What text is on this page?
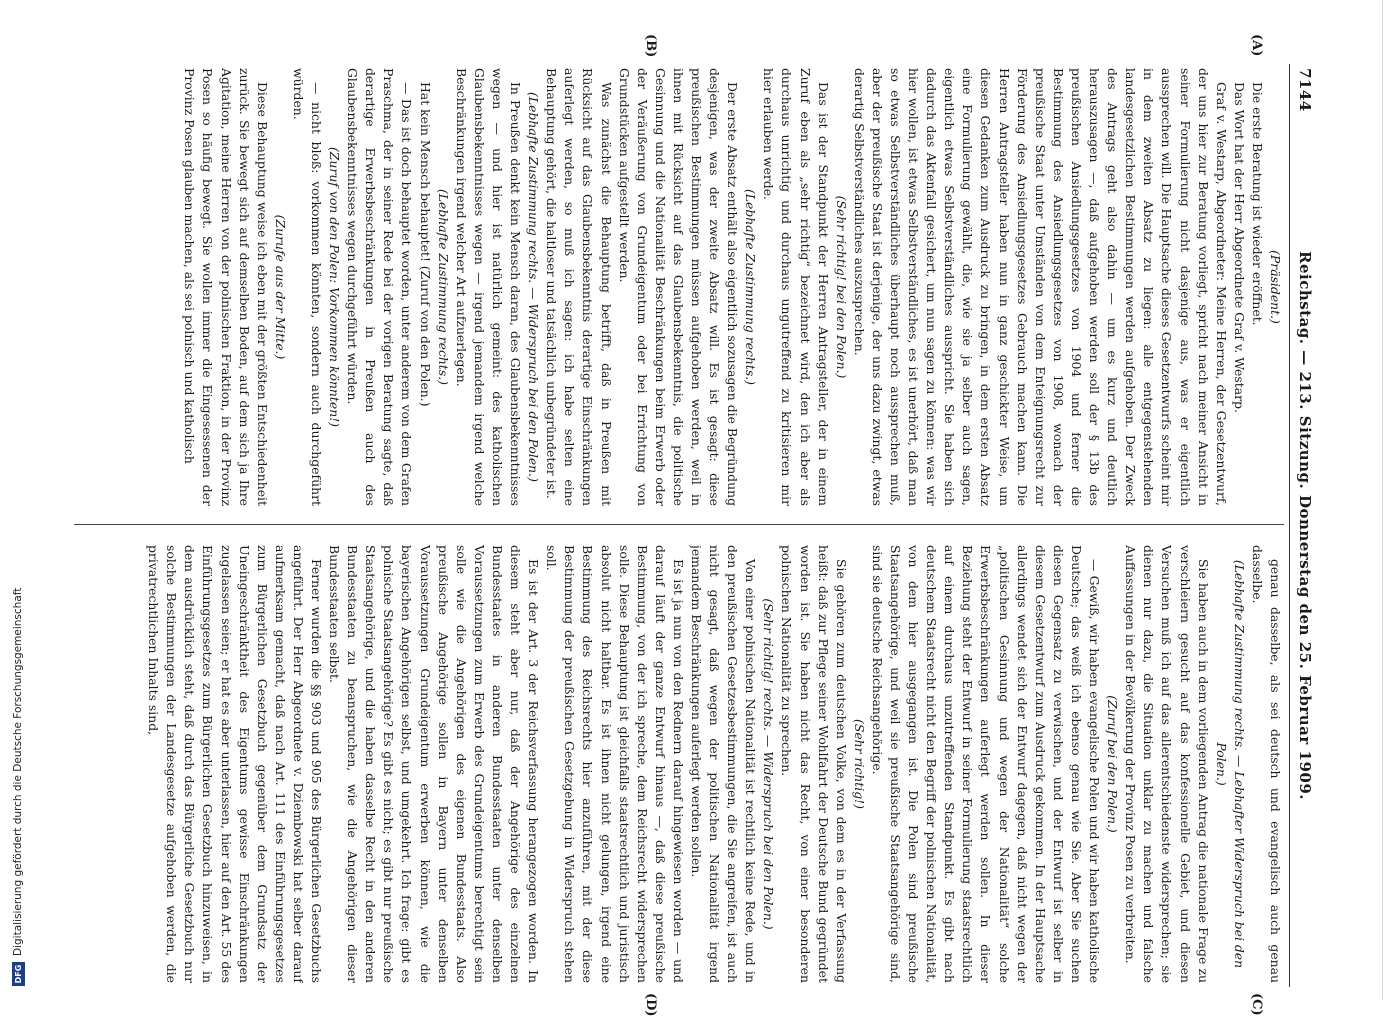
7144
Reichstag. — 213. Sitzung. Donnerstag den 25. Februar 1909.
(A)
(B)
(C)
(D)

(Präsident.)

Die erste Beratung ist wieder eröffnet.

Das Wort hat der Herr Abgeordnete Graf v. Westarp.

Graf v. Westarp, Abgeordneter: Meine Herren, der Gesetzentwurf, der uns hier zur Beratung vorliegt, spricht nach meiner Ansicht in seiner Formulierung nicht dasjenige aus, was er eigentlich aussprechen will. Die Hauptsache dieses Gesetzentwurfs scheint mir in dem zweiten Absatz zu liegen: alle entgegenstehenden landesgesetzlichen Bestimmungen werden aufgehoben. Der Zweck des Antrags geht also dahin — um es kurz und deutlich herauszusagen —, daß aufgehoben werden soll der § 13b des preußischen Ansiedlungsgesetzes von 1904 und ferner die Bestimmung des Ansiedlungsgesetzes von 1908, wonach der preußische Staat unter Umständen von dem Enteignungsrecht zur Förderung des Ansiedlungsgesetzes Gebrauch machen kann. Die Herren Antragsteller haben nun in ganz geschickter Weise, um diesen Gedanken zum Ausdruck zu bringen, in dem ersten Absatz eine Formulierung gewählt, die, wie sie ja selber auch sagen, eigentlich etwas Selbstverständliches ausspricht. Sie haben sich dadurch das Aktenfall gesichert, um nun sagen zu können: was wir hier wollen, ist etwas Selbstverständliches, es ist unerhört, daß man so etwas Selbstverständliches überhaupt noch aussprechen muß, aber der preußische Staat ist derjenige, der uns dazu zwingt, etwas derartig Selbstverständliches auszusprechen.

(Sehr richtig! bei den Polen.)

Das ist der Standpunkt der Herren Antragsteller, der in einem Zuruf eben als „sehr richtig“ bezeichnet wird, den ich aber als durchaus unrichtig und durchaus ungutreffend zu kritisieren mir hier erlauben werde.

(Lebhafte Zustimmung rechts.)

Der erste Absatz enthält also eigentlich sozusagen die Begründung desjenigen, was der zweite Absatz will. Es ist gesagt: diese preußischen Bestimmungen müssen aufgehoben werden, weil in ihnen mit Rücksicht auf das Glaubensbekenntnis, die politische Gesinnung und die Nationalität Beschränkungen beim Erwerb oder der Veräußerung von Grundeigentum oder bei Errichtung von Grundstücken aufgestellt werden.

Was zunächst die Behauptung betrifft, daß in Preußen mit Rücksicht auf das Glaubensbekenntnis derartige Einschränkungen auferlegt werden, so muß ich sagen: ich habe selten eine Behauptung gehört, die haltloser und tatsächlich unbegründeter ist.

(Lebhafte Zustimmung rechts. — Widerspruch bei den Polen.)

In Preußen denkt kein Mensch daran, des Glaubensbekenntnisses wegen — und hier ist natürlich gemeint: des katholischen Glaubensbekenntnisses wegen — irgend jemandem irgend welche Beschränkungen irgend welcher Art aufzuerlegen.

(Lebhafte Zustimmung rechts.)

Hat kein Mensch behauptet! (Zuruf von den Polen.)

— Das ist doch behauptet worden, unter anderem von dem Grafen Praschma, der in seiner Rede bei der vorigen Beratung sagte, daß derartige Erwerbsbeschränkungen in Preußen auch des Glaubensbekenntnisses wegen durchgeführt würden.

(Zuruf von den Polen: Vorkommen könnten!)

— nicht bloß: vorkommen könnten, sondern auch durchgeführt würden.

(Zurufe aus der Mitte.)

Diese Behauptung weise ich eben mit der größten Entschiedenheit zurück. Sie bewegt sich auf demselben Boden, auf dem sich ja Ihre Agitation, meine Herren von der polnischen Fraktion, in der Provinz Posen so häufig bewegt. Sie wollen immer die Eingesessenen der Provinz Posen glauben machen, als sei polnisch und katholisch

genau dasselbe, als sei deutsch und evangelisch auch genau dasselbe.

(Lebhafte Zustimmung rechts. — Lebhafter Widerspruch bei den Polen.)

Sie haben auch in dem vorliegenden Antrag die nationale Frage zu verschleiern gesucht auf das konfessionelle Gebiet, und diesen Versuchen muß ich auf das allerentschiedenste widersprechen; sie dienen nur dazu, die Situation unklar zu machen und falsche Auffassungen in der Bevölkerung der Provinz Posen zu verbreiten.

(Zuruf bei den Polen.)

— Gewiß, wir haben evangelische Polen und wir haben katholische Deutsche; das weiß ich ebenso genau wie Sie. Aber Sie suchen diesen Gegensatz zu verwischen, und der Entwurf ist selber in diesem Gesetzentwurf zum Ausdruck gekommen. In der Hauptsache allerdings wendet sich der Entwurf dagegen, daß nicht wegen der „politischen Gesinnung und wegen der Nationalität“ solche Erwerbsbeschränkungen auferlegt werden sollen. In dieser Beziehung steht der Entwurf in seiner Formulierung staatsrechtlich auf einem durchaus unzutreffenden Standpunkt. Es gibt nach deutschem Staatsrecht nicht den Begriff der polnischen Nationalität, von dem hier ausgegangen ist. Die Polen sind preußische Staatsangehörige, und weil sie preußische Staatsangehörige sind, sind sie deutsche Reichsangehörige.

(Sehr richtig!)

Sie gehören zum deutschen Volke, von dem es in der Verfassung heißt: daß zur Pflege seiner Wohlfahrt der Deutsche Bund gegründet worden ist. Sie haben nicht das Recht, von einer besonderen polnischen Nationalität zu sprechen.

(Sehr richtig! rechts. — Widerspruch bei den Polen.)

Von einer polnischen Nationalität ist rechtlich keine Rede, und in den preußischen Gesetzesbestimmungen, die Sie angreifen, ist auch nicht gesagt, daß wegen der politischen Nationalität irgend jemandem Beschränkungen auferlegt werden sollen.

Es ist ja nun von den Rednern darauf hingewiesen worden — und darauf läuft der ganze Entwurf hinaus —, daß diese preußische Bestimmung, von der ich spreche, dem Reichsrecht widersprechen solle. Diese Behauptung ist gleichfalls staatsrechtlich und juristisch absolut nicht haltbar. Es ist ihnen nicht gelungen, irgend eine Bestimmung des Reichsrechts hier anzuführen, mit der diese Bestimmung der preußischen Gesetzgebung in Widerspruch stehen soll.

Es ist der Art. 3 der Reichsverfassung herangezogen worden. In diesem steht aber nur, daß der Angehörige des einzelnen Bundesstaates in anderen Bundesstaaten unter denselben Voraussetzungen zum Erwerb des Grundeigentums berechtigt sein solle wie die Angehörigen des eigenen Bundesstaats. Also preußische Angehörige sollen in Bayern unter denselben Voraussetzungen Grundeigentum erwerben können, wie die bayerischen Angehörigen selbst, und umgekehrt. Ich frage: gibt es polnische Staatsangehörige? Es gibt es nicht; es gibt nur preußische Staatsangehörige, und die haben dasselbe Recht in den anderen Bundesstaaten zu beanspruchen, wie die Angehörigen dieser Bundesstaaten selbst.

Ferner wurden die §§ 903 und 905 des Bürgerlichen Gesetzbuchs angeführt. Der Herr Abgeordnete v. Dziembowski hat selber darauf aufmerksam gemacht, daß nach Art. 111 des Einführungsgesetzes zum Bürgerlichen Gesetzbuch gegenüber dem Grundsatz der Uneingeschränktheit des Eigentums gewisse Einschränkungen zugelassen seien; er hat es aber unterlassen, hier auf den Art. 55 des Einführungsgesetzes zum Bürgerlichen Gesetzbuch hinzuweisen, in dem ausdrücklich steht, daß durch das Bürgerliche Gesetzbuch nur solche Bestimmungen der Landesgesetze aufgehoben werden, die privatrechtlichen Inhalts sind,

DFGDigitalisierung gefördert durch die Deutsche Forschungsgemeinschaft
